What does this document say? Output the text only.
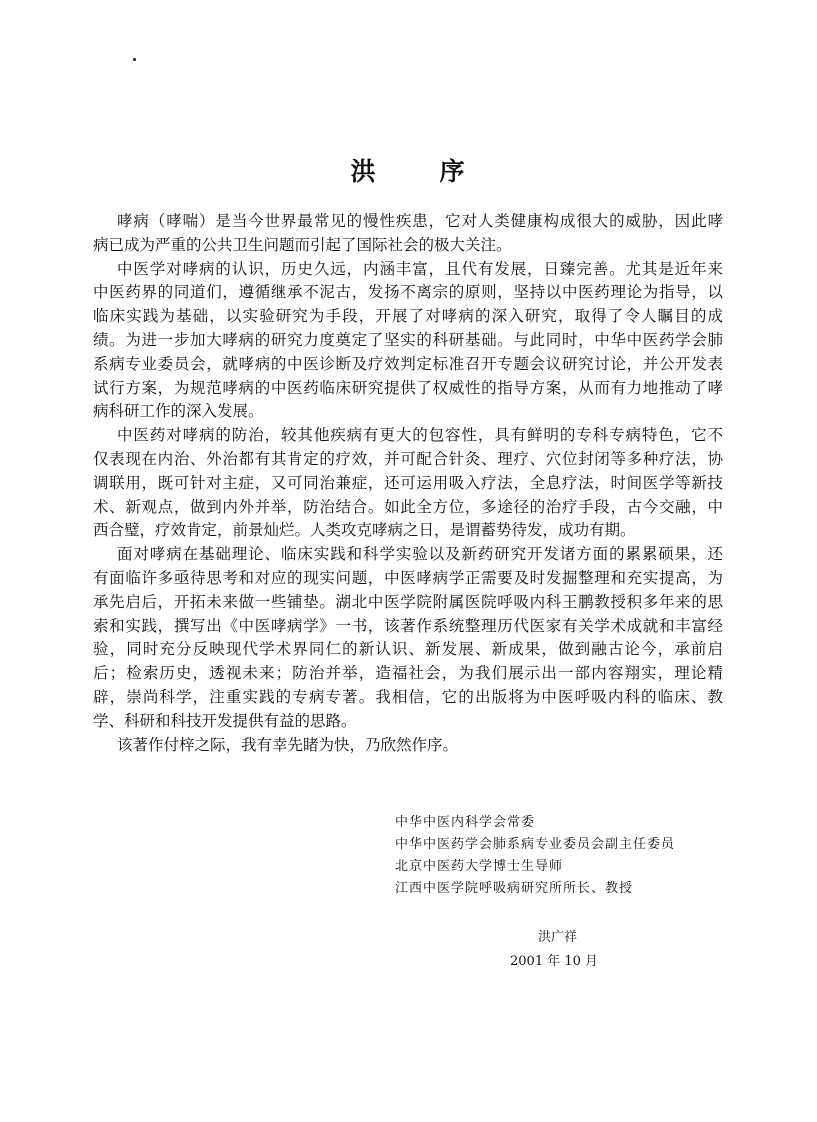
洪 序
哮病（哮喘）是当今世界最常见的慢性疾患，它对人类健康构成很大的威胁，因此哮
病已成为严重的公共卫生问题而引起了国际社会的极大关注。
中医学对哮病的认识，历史久远，内涵丰富，且代有发展，日臻完善。尤其是近年来
中医药界的同道们，遵循继承不泥古，发扬不离宗的原则，坚持以中医药理论为指导，以
临床实践为基础，以实验研究为手段，开展了对哮病的深入研究，取得了令人瞩目的成
绩。为进一步加大哮病的研究力度奠定了坚实的科研基础。与此同时，中华中医药学会肺
系病专业委员会，就哮病的中医诊断及疗效判定标准召开专题会议研究讨论，并公开发表
试行方案，为规范哮病的中医药临床研究提供了权威性的指导方案，从而有力地推动了哮
病科研工作的深入发展。
中医药对哮病的防治，较其他疾病有更大的包容性，具有鲜明的专科专病特色，它不
仅表现在内治、外治都有其肯定的疗效，并可配合针灸、理疗、穴位封闭等多种疗法，协
调联用，既可针对主症，又可同治兼症，还可运用吸入疗法，全息疗法，时间医学等新技
术、新观点，做到内外并举，防治结合。如此全方位，多途径的治疗手段，古今交融，中
西合璧，疗效肯定，前景灿烂。人类攻克哮病之日，是谓蓄势待发，成功有期。
面对哮病在基础理论、临床实践和科学实验以及新药研究开发诸方面的累累硕果，还
有面临许多亟待思考和对应的现实问题，中医哮病学正需要及时发掘整理和充实提高，为
承先启后，开拓未来做一些铺垫。湖北中医学院附属医院呼吸内科王鹏教授积多年来的思
索和实践，撰写出《中医哮病学》一书，该著作系统整理历代医家有关学术成就和丰富经
验，同时充分反映现代学术界同仁的新认识、新发展、新成果，做到融古论今，承前启
后；检索历史，透视未来；防治并举，造福社会，为我们展示出一部内容翔实，理论精
辟，崇尚科学，注重实践的专病专著。我相信，它的出版将为中医呼吸内科的临床、教
学、科研和科技开发提供有益的思路。
该著作付梓之际，我有幸先睹为快，乃欣然作序。
中华中医内科学会常委
中华中医药学会肺系病专业委员会副主任委员
北京中医药大学博士生导师
江西中医学院呼吸病研究所所长、教授
洪广祥
2001 年 10 月
